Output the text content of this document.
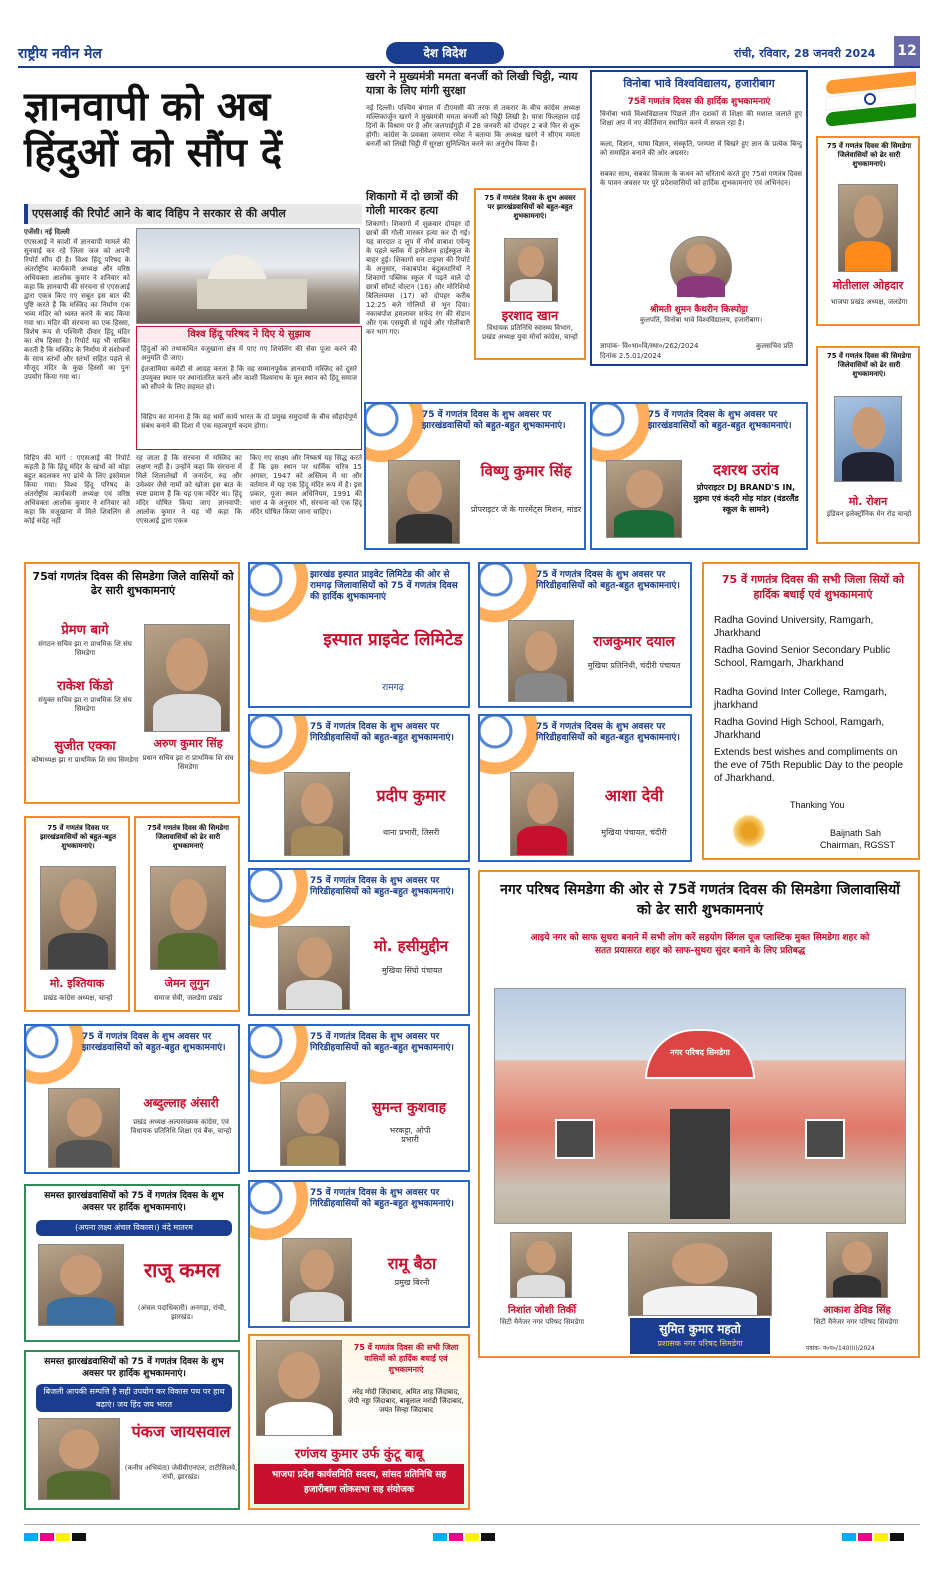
राष्ट्रीय नवीन मेल	देश विदेश	रांची, रविवार, 28 जनवरी 2024 12
ज्ञानवापी को अब हिंदुओं को सौंप दें
एएसआई की रिपोर्ट आने के बाद विहिप ने सरकार से की अपील
एजेंसी। नई दिल्ली
एएसआई ने काशी में ज्ञानवापी मामले की सुनवाई कर रहे जिला जज को अपनी रिपोर्ट सौंप दी है। विश्व हिंदू परिषद के अंतर्राष्ट्रीय कार्यकारी अध्यक्ष और वरिष्ठ अधिवक्ता आलोक कुमार ने शनिवार को कहा कि ज्ञानवापी की संरचना से एएसआई द्वारा एकत्र किए गए सबूत इस बात की पुष्टि करते हैं कि मस्जिद का निर्माण एक भव्य मंदिर को ध्वस्त करने के बाद किया गया था। मंदिर की संरचना का एक हिस्सा, विशेष रूप से पश्चिमी दीवार हिंदू मंदिर का शेष हिस्सा है। रिपोर्ट यह भी साबित करती है कि मस्जिद के निर्माण में संशोधनों के साथ स्तंभों और स्तंभों सहित पहले से मौजूद मंदिर के कुछ हिस्सों का पुनः उपयोग किया गया था।
विश्व हिंदू परिषद ने दिए ये सुझाव
हिंदुओं को तथाकथित वजूखाना क्षेत्र में पाए गए शिवलिंग की सेवा पूजा करने की अनुमति दी जाए।
इंतजामिया कमेटी से आग्रह करता है कि वह सम्मानपूर्वक ज्ञानवापी मस्जिद को दूसरे उपयुक्त स्थान पर स्थानांतरित करने और काशी विश्वनाथ के मूल स्थान को हिंदू समाज को सौंपने के लिए सहमत हो।
विहिप का मानना है कि यह धर्मों कार्य भारत के दो प्रमुख समुदायों के बीच सौहार्दपूर्ण संबंध बनाने की दिशा में एक महत्वपूर्ण कदम होगा।
विहिप की मांगें : एएसआई की रिपोर्ट कहती है कि हिंदू मंदिर के खंभों को थोड़ा बहुत बदलकर नए ढांचे के लिए इस्तेमाल किया गया। विश्व हिंदू परिषद के अंतर्राष्ट्रीय कार्यकारी अध्यक्ष एवं वरिष्ठ अधिवक्ता आलोक कुमार ने शनिवार को कहा कि वजूखाना में मिले शिवलिंग से कोई संदेह नहीं
रह जाता है कि संरचना में मस्जिद का लक्षण नहीं है। उन्होंने कहा कि संरचना में मिले शिलालेखों में जनार्दन, रुद्र और उमेश्वर जैसे नामों को खोजा इस बात के स्पष्ट प्रमाण हैं कि यह एक मंदिर था। हिंदू मंदिर घोषित किया जाए ज्ञानवापी: आलोक कुमार ने यह भी कहा कि एएसआई द्वारा एकत्र
किए गए साक्ष्य और निष्कर्ष यह सिद्ध करते हैं कि इस स्थान पर धार्मिक चरित्र 15 अगस्त, 1947 को अस्तित्व में था और वर्तमान में यह एक हिंदू मंदिर रूप में है। इस प्रकार, पूजा स्थल अधिनियम, 1991 की धारा 4 के अनुसार भी, संरचना को एक हिंदू मंदिर घोषित किया जाना चाहिए।
खरगे ने मुख्यमंत्री ममता बनर्जी को लिखी चिट्ठी, न्याय यात्रा के लिए मांगी सुरक्षा
नई दिल्ली। पश्चिम बंगाल में टीएमसी की तरफ से तकरार के बीच कांग्रेस अध्यक्ष मल्लिकार्जुन खरगे ने मुख्यमंत्री ममता बनर्जी को चिट्ठी लिखी है। यात्रा फिलहाल दाई दिनों के विश्राम पर है और जलपाईगुड़ी में 28 जनवरी को दोपहर 2 बजे फिर से शुरू होगी। कांग्रेस के प्रवक्ता जयराम रमेश ने बताया कि अध्यक्ष खरगे ने सीएम ममता बनर्जी को लिखी चिट्ठी में सुरक्षा सुनिश्चित करने का अनुरोध किया है।
शिकागो में दो छात्रों की गोली मारकर हत्या
शिकागो। शिकागो में शुक्रवार दोपहर दो छात्रों की गोली मारकर हत्या कर दी गई। यह वारदात द लूप में नॉर्थ वाबाश एवेन्यू के पहले ब्लॉक में इनोवेशन हाईस्कूल के बाहर हुई। शिकागो सन टाइम्स की रिपोर्ट के अनुसार, नकाबपोश बंदूकधारियों ने शिकागो पब्लिक स्कूल में पढ़ने वाले दो छात्रों सॉमर्ट वोल्टन (16) और मोरिशियो बिलिलयम्स (17) को दोपहर करीब 12:25 बजे गोलियों से भून दिया। नकाबपोश हमलावर सफेद रंग की सेडान और एक एसयूवी से पहुंचे और गोलीबारी कर भाग गए।
75 वें गणतंत्र दिवस के शुभ अवसर पर झारखंडवासियों को बहुत-बहुत शुभकामनाएं।
इरशाद खान
विधायक प्रतिनिधि स्वास्थ्य विभाग, प्रखंड अध्यक्ष युवा मोर्चा कांग्रेस, चान्हो
विनोबा भावे विश्वविद्यालय, हजारीबाग
75वें गणतंत्र दिवस की हार्दिक शुभकामनाएं
विनोबा भावे विश्वविद्यालय पिछले तीन दशकों से शिक्षा की मशाल जलाते हुए शिक्षा अप में नए कीर्तिमान स्थापित करने में सफल रहा है।
कला, विज्ञान, भाषा विज्ञान, संस्कृति, परम्परा में बिखरे हुए ज्ञान के प्रत्येक बिन्दु को समाहित बनाने की ओर अग्रसर।
सबका साथ, सबका विकास के कथन को चरितार्थ करते हुए 75वां गणतंत्र दिवस के पावन अवसर पर पूरे प्रदेशवासियों को हार्दिक शुभकामनाएं एवं अभिनंदन।
श्रीमती शुमन कैथरीन किस्पोट्टा
कुलपति, विनोबा भावे विश्वविद्यालय, हजारीबाग।
ज्ञापांक- वि०भा०वि/स्था०/262/2024
दिनांक 2.5.01/2024
कुलसचिव प्रति
75 वें गणतंत्र दिवस की सिमडेगा जिलेवासियों को ढेर सारी शुभकामनाएं।
मोतीलाल ओहदार
भाजपा प्रखंड अध्यक्ष, जलडेगा
75 वें गणतंत्र दिवस की सिमडेगा जिलेवासियों को ढेर सारी शुभकामनाएं।
मो. रोशन
इंडियन इलेक्ट्रॉनिक मेन रोड चान्हो
75 वें गणतंत्र दिवस के शुभ अवसर पर झारखंडवासियों को बहुत-बहुत शुभकामनाएं।
विष्णु कुमार सिंह
प्रोपराइटर जे के गारमेंट्स मिशन, मांडर
75 वें गणतंत्र दिवस के शुभ अवसर पर झारखंडवासियों को बहुत-बहुत शुभकामनाएं।
दशरथ उरांव
प्रोपराइटर DJ BRAND'S IN, मुड़मा एवं कंदरी मोड़ मांडर (वंडरलैंड स्कूल के सामने)
75वां गणतंत्र दिवस की सिमडेगा जिले वासियों को ढेर सारी शुभकामनाएं
प्रेमण बागे
संगठन सचिव झा रा प्राथमिक शि संघ सिमडेगा
राकेश किंडो
संयुक्त सचिव झा रा प्राथमिक शि संघ सिमडेगा
सुजीत एक्का
कोषाध्यक्ष झा रा प्राथमिक शि संघ सिमडेगा
अरुण कुमार सिंह
प्रधान सचिव झा रा प्राथमिक शि संघ सिमडेगा
झारखंड इस्पात प्राइवेट लिमिटेड की ओर से रामगढ़ जिलावासियों को 75 वें गणतंत्र दिवस की हार्दिक शुभकामनाएं
इस्पात प्राइवेट लिमिटेड
रामगढ़
75 वें गणतंत्र दिवस के शुभ अवसर पर गिरिडीहवासियों को बहुत-बहुत शुभकामनाएं।
राजकुमार दयाल
मुखिया प्रतिनिधी, चंदीरी पंचायत
75 वें गणतंत्र दिवस की सभी जिला सियों को हार्दिक बधाई एवं शुभकामनाएं
Radha Govind University, Ramgarh, Jharkhand
Radha Govind Senior Secondary Public School, Ramgarh, Jharkhand
Radha Govind Inter College, Ramgarh, jharkhand
Radha Govind High School, Ramgarh, Jharkhand
Extends best wishes and compliments on the eve of 75th Republic Day to the people of Jharkhand.
Thanking You
Baijnath Sah
Chairman, RGSST
75 वें गणतंत्र दिवस के शुभ अवसर पर गिरिडीहवासियों को बहुत-बहुत शुभकामनाएं।
प्रदीप कुमार
थाना प्रभारी, तिसरी
75 वें गणतंत्र दिवस के शुभ अवसर पर गिरिडीहवासियों को बहुत-बहुत शुभकामनाएं।
आशा देवी
मुखिया पंचायत, चंदीरी
75 वें गणतंत्र दिवस पर झारखंडवासियों को बहुत-बहुत शुभकामनाएं।
मो. इश्तियाक
प्रखंड कांग्रेस अध्यक्ष, चान्हो
75वें गणतंत्र दिवस की सिमडेगा जिलावासियों को ढेर सारी शुभकामनाएं
जेमन लुगुन
समाज सेवी, जलडेगा प्रखंड
75 वें गणतंत्र दिवस के शुभ अवसर पर गिरिडीहवासियों को बहुत-बहुत शुभकामनाएं।
मो. हसीमुद्दीन
मुखिया सिंघो पंचायत
नगर परिषद सिमडेगा की ओर से 75वें गणतंत्र दिवस की सिमडेगा जिलावासियों को ढेर सारी शुभकामनाएं
आइये नगर को साफ सुथरा बनाने में सभी लोग करें सहयोग सिंगल यूज प्लास्टिक मुक्त सिमडेगा शहर को सतत प्रयासरत शहर को साफ-सुथरा सुंदर बनाने के लिए प्रतिबद्ध
नगर परिषद सिमडेगा
निशांत जोशी तिर्की
सिटी मैनेजर नगर परिषद सिमडेगा
आकाश डेविड सिंह
सिटी मैनेजर नगर परिषद सिमडेगा
सुमित कुमार महतो
प्रशासक नगर परिषद सिमडेगा
पत्रांक- न०प०/140(II)/2024
75 वें गणतंत्र दिवस के शुभ अवसर पर झारखंडवासियों को बहुत-बहुत शुभकामनाएं।
अब्दुल्लाह अंसारी
प्रखंड अध्यक्ष अल्पसंख्यक कांग्रेस, एवं विधायक प्रतिनिधि शिक्षा एवं बैंक, चान्हो
75 वें गणतंत्र दिवस के शुभ अवसर पर गिरिडीहवासियों को बहुत-बहुत शुभकामनाएं।
सुमन्त कुशवाह
भरकट्टा, ओपी प्रभारी
समस्त झारखंडवासियों को 75 वें गणतंत्र दिवस के शुभ अवसर पर हार्दिक शुभकामनाएं।
(अपना लक्ष्य अंचल विकास।) वंदे मातरम
राजू कमल
(अंचल पदाधिकारी) अनगड़ा, रांची, झारखंड।
75 वें गणतंत्र दिवस के शुभ अवसर पर गिरिडीहवासियों को बहुत-बहुत शुभकामनाएं।
रामू बैठा
प्रमुख बिरनी
समस्त झारखंडवासियों को 75 वें गणतंत्र दिवस के शुभ अवसर पर हार्दिक शुभकामनाएं।
बिजली आपकी सम्पत्ति है सही उपयोग कर विकास पथ पर हाथ बढ़ाएं। जय हिंद जय भारत
पंकज जायसवाल
(कनीय अभियंता) जेवीवीएनएल, टाटीसिलवे, रांची, झारखंड।
75 वें गणतंत्र दिवस की सभी जिला वासियों को हार्दिक बधाई एवं शुभकामनाएं
नरेंद्र मोदी जिंदाबाद, अमित शाह जिंदाबाद, जेपी नड्डा जिंदाबाद, बाबूलाल मरांडी जिंदाबाद, जयंत सिन्हा जिंदाबाद
रणंजय कुमार उर्फ कुंटू बाबू
भाजपा प्रदेश कार्यसमिति सदस्य, सांसद प्रतिनिधि सह हजारीबाग लोकसभा सह संयोजक
